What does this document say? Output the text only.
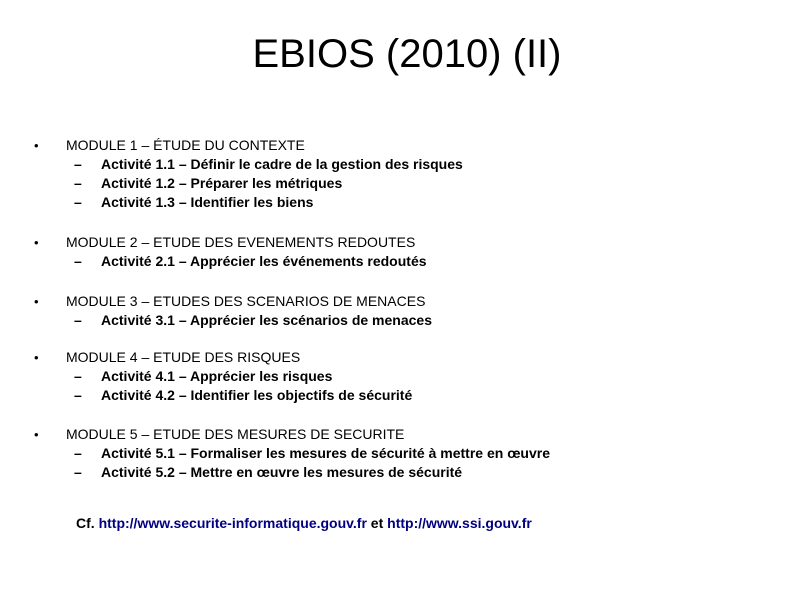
EBIOS (2010) (II)
• MODULE 1 – ÉTUDE DU CONTEXTE
– Activité 1.1 – Définir le cadre de la gestion des risques
– Activité 1.2 – Préparer les métriques
– Activité 1.3 – Identifier les biens
• MODULE 2 – ETUDE DES EVENEMENTS REDOUTES
– Activité 2.1 – Apprécier les événements redoutés
• MODULE 3 – ETUDES DES SCENARIOS DE MENACES
– Activité 3.1 – Apprécier les scénarios de menaces
• MODULE 4 – ETUDE DES RISQUES
– Activité 4.1 – Apprécier les risques
– Activité 4.2 – Identifier les objectifs de sécurité
• MODULE 5 – ETUDE DES MESURES DE SECURITE
– Activité 5.1 – Formaliser les mesures de sécurité à mettre en œuvre
– Activité 5.2 – Mettre en œuvre les mesures de sécurité
Cf. http://www.securite-informatique.gouv.fr et http://www.ssi.gouv.fr
